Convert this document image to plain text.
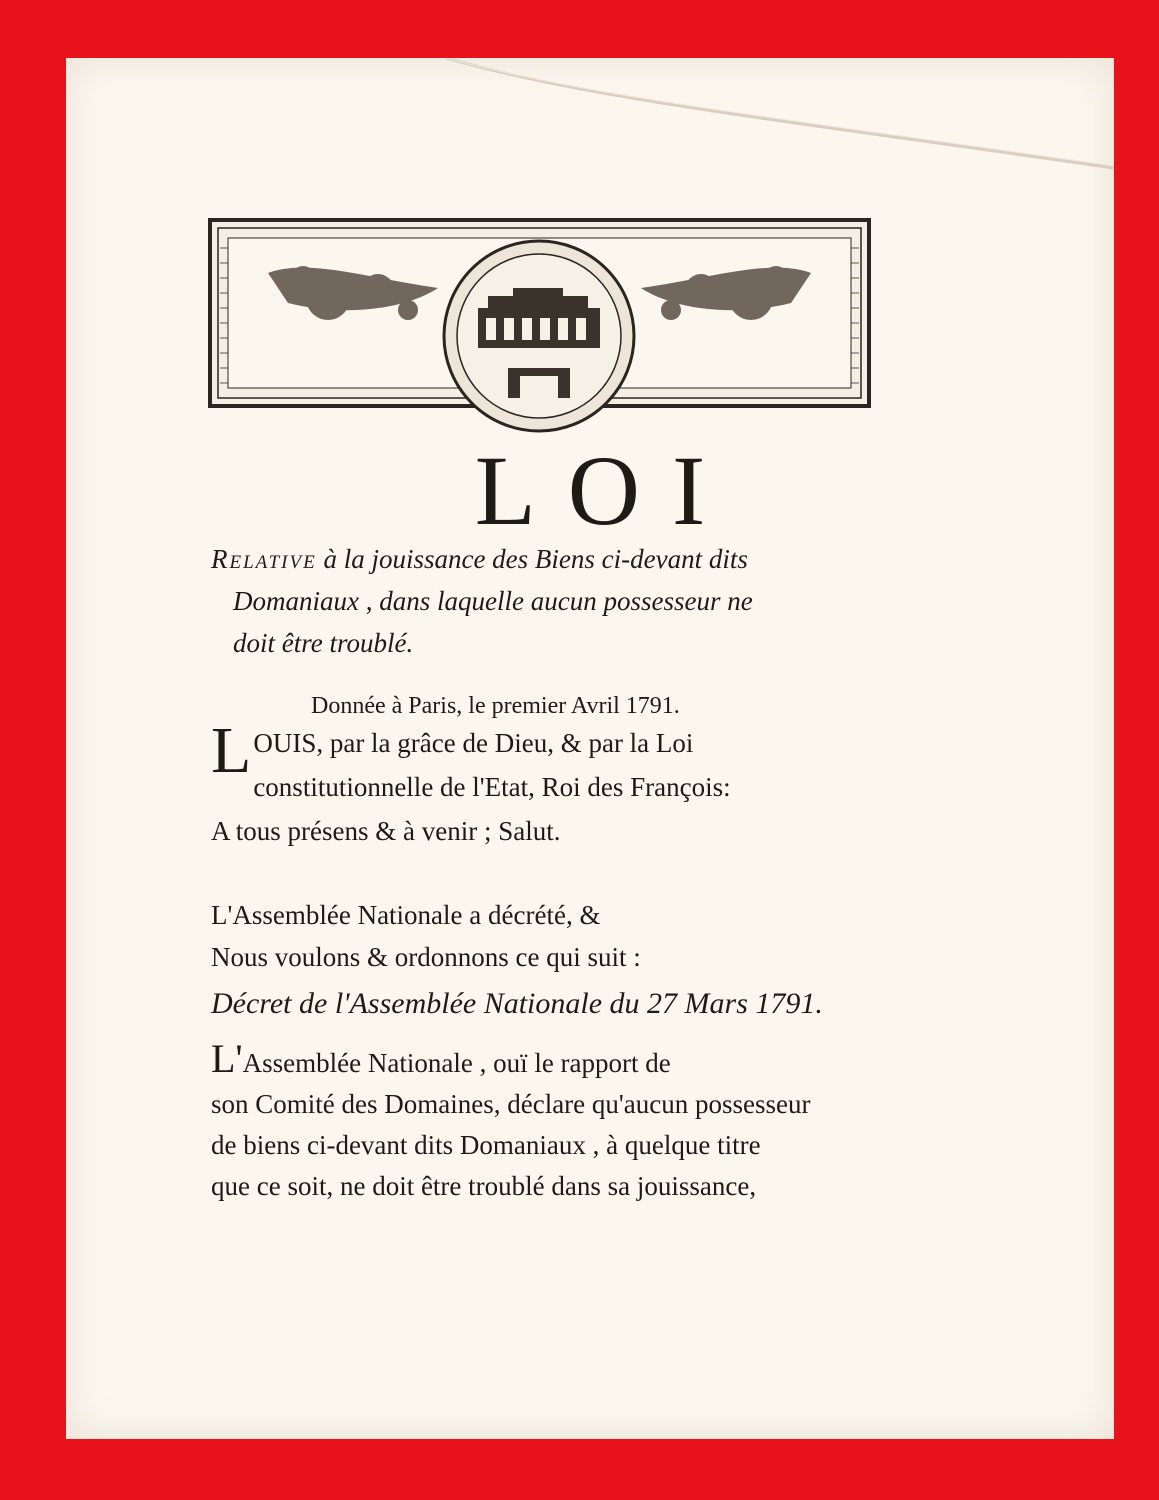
LOI
Relative à la jouissance des Biens ci-devant dits
Domaniaux , dans laquelle aucun possesseur ne
doit être troublé.
Donnée à Paris, le premier Avril 1791.
L OUIS, par la grâce de Dieu, & par la Loi
constitutionnelle de l'Etat, Roi des François:
A tous présens & à venir ; Salut.
L'Assemblée Nationale a décrété, &
Nous voulons & ordonnons ce qui suit :
Décret de l'Assemblée Nationale du 27 Mars 1791.
L'Assemblée Nationale , ouï le rapport de
son Comité des Domaines, déclare qu'aucun possesseur
de biens ci-devant dits Domaniaux , à quelque titre
que ce soit, ne doit être troublé dans sa jouissance,
